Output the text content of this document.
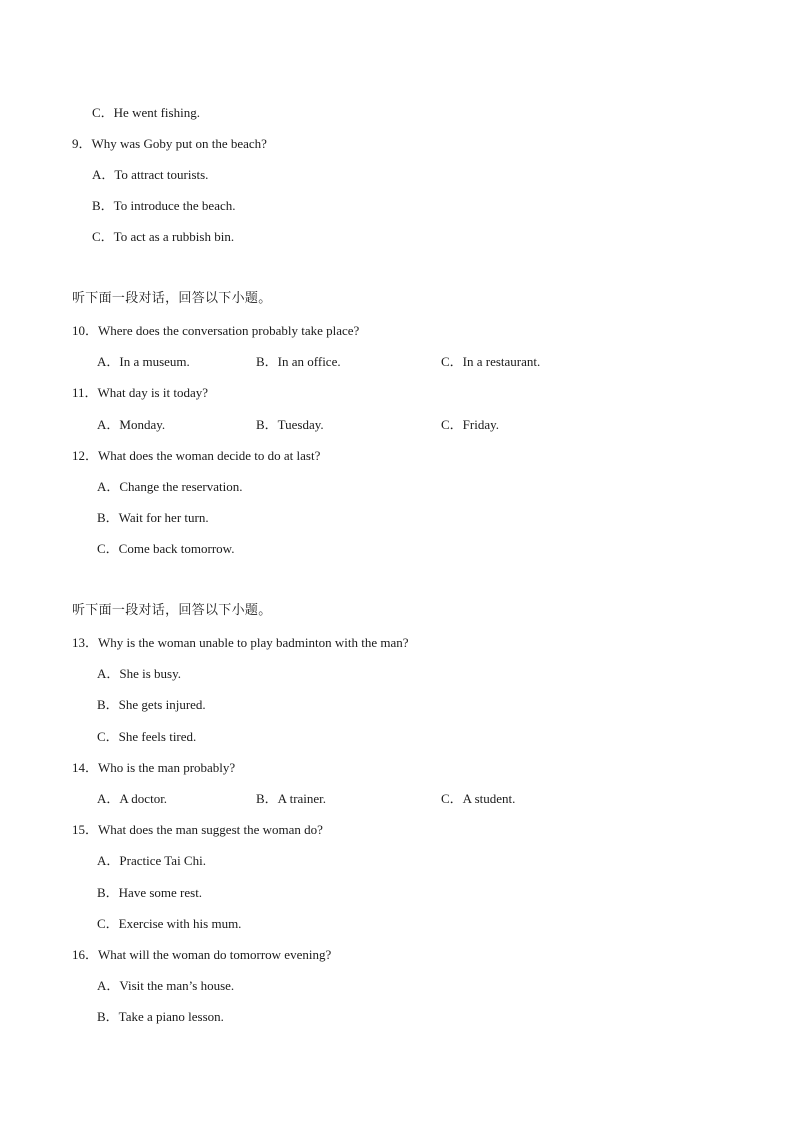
C．He went fishing.
9．Why was Goby put on the beach?
A．To attract tourists.
B．To introduce the beach.
C．To act as a rubbish bin.
听下面一段对话，回答以下小题。
10．Where does the conversation probably take place?
A．In a museum.	B．In an office.	C．In a restaurant.
11．What day is it today?
A．Monday.	B．Tuesday.	C．Friday.
12．What does the woman decide to do at last?
A．Change the reservation.
B．Wait for her turn.
C．Come back tomorrow.
听下面一段对话，回答以下小题。
13．Why is the woman unable to play badminton with the man?
A．She is busy.
B．She gets injured.
C．She feels tired.
14．Who is the man probably?
A．A doctor.	B．A trainer.	C．A student.
15．What does the man suggest the woman do?
A．Practice Tai Chi.
B．Have some rest.
C．Exercise with his mum.
16．What will the woman do tomorrow evening?
A．Visit the man’s house.
B．Take a piano lesson.
